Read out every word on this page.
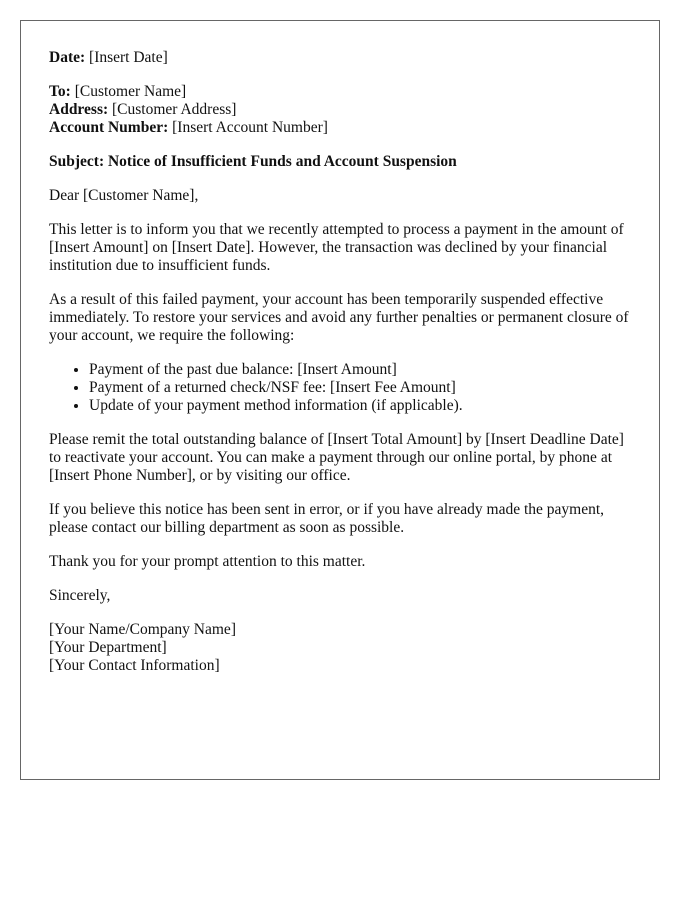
Date: [Insert Date]

To: [Customer Name]

Address: [Customer Address]

Account Number: [Insert Account Number]

Subject: Notice of Insufficient Funds and Account Suspension

Dear [Customer Name],

This letter is to inform you that we recently attempted to process a payment in the amount of [Insert Amount] on [Insert Date]. However, the transaction was declined by your financial institution due to insufficient funds.

As a result of this failed payment, your account has been temporarily suspended effective immediately. To restore your services and avoid any further penalties or permanent closure of your account, we require the following:

• Payment of the past due balance: [Insert Amount]
• Payment of a returned check/NSF fee: [Insert Fee Amount]
• Update of your payment method information (if applicable).

Please remit the total outstanding balance of [Insert Total Amount] by [Insert Deadline Date] to reactivate your account. You can make a payment through our online portal, by phone at [Insert Phone Number], or by visiting our office.

If you believe this notice has been sent in error, or if you have already made the payment, please contact our billing department as soon as possible.

Thank you for your prompt attention to this matter.

Sincerely,

[Your Name/Company Name]

[Your Department]

[Your Contact Information]
